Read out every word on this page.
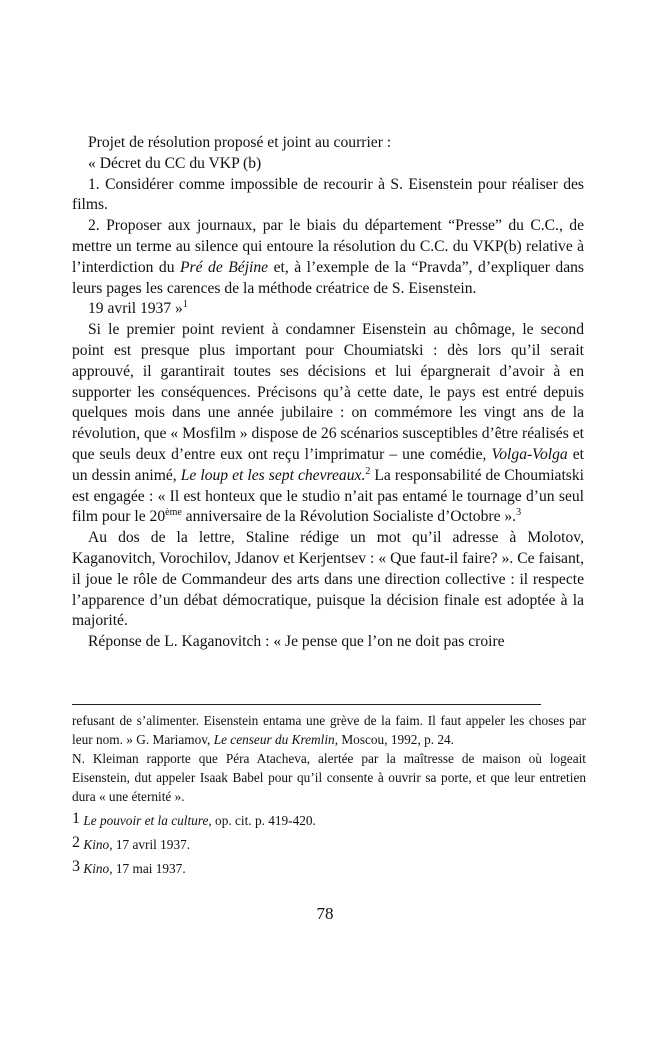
Projet de résolution proposé et joint au courrier :

« Décret du CC du VKP (b)

1. Considérer comme impossible de recourir à S. Eisenstein pour réaliser des films.

2. Proposer aux journaux, par le biais du département “Presse” du C.C., de mettre un terme au silence qui entoure la résolution du C.C. du VKP(b) relative à l’interdiction du Pré de Béjine et, à l’exemple de la “Pravda”, d’expliquer dans leurs pages les carences de la méthode créatrice de S. Eisenstein.

19 avril 1937 »$^1$

Si le premier point revient à condamner Eisenstein au chômage, le second point est presque plus important pour Choumiatski : dès lors qu’il serait approuvé, il garantirait toutes ses décisions et lui épargnerait d’avoir à en supporter les conséquences. Précisons qu’à cette date, le pays est entré depuis quelques mois dans une année jubilaire : on commémore les vingt ans de la révolution, que « Mosfilm » dispose de 26 scénarios susceptibles d’être réalisés et que seuls deux d’entre eux ont reçu l’imprimatur – une comédie, Volga-Volga et un dessin animé, Le loup et les sept chevreaux.$^2$ La responsabilité de Choumiatski est engagée : « Il est honteux que le studio n’ait pas entamé le tournage d’un seul film pour le 20ème anniversaire de la Révolution Socialiste d’Octobre ».$^3$

Au dos de la lettre, Staline rédige un mot qu’il adresse à Molotov, Kaganovitch, Vorochilov, Jdanov et Kerjentsev : « Que faut-il faire? ». Ce faisant, il joue le rôle de Commandeur des arts dans une direction collective : il respecte l’apparence d’un débat démocratique, puisque la décision finale est adoptée à la majorité.

Réponse de L. Kaganovitch : « Je pense que l’on ne doit pas croire

refusant de s’alimenter. Eisenstein entama une grève de la faim. Il faut appeler les choses par leur nom. » G. Mariamov, Le censeur du Kremlin, Moscou, 1992, p. 24.

N. Kleiman rapporte que Péra Atacheva, alertée par la maîtresse de maison où logeait Eisenstein, dut appeler Isaak Babel pour qu’il consente à ouvrir sa porte, et que leur entretien dura « une éternité ».

1 Le pouvoir et la culture, op. cit. p. 419-420.

2 Kino, 17 avril 1937.

3 Kino, 17 mai 1937.

78
